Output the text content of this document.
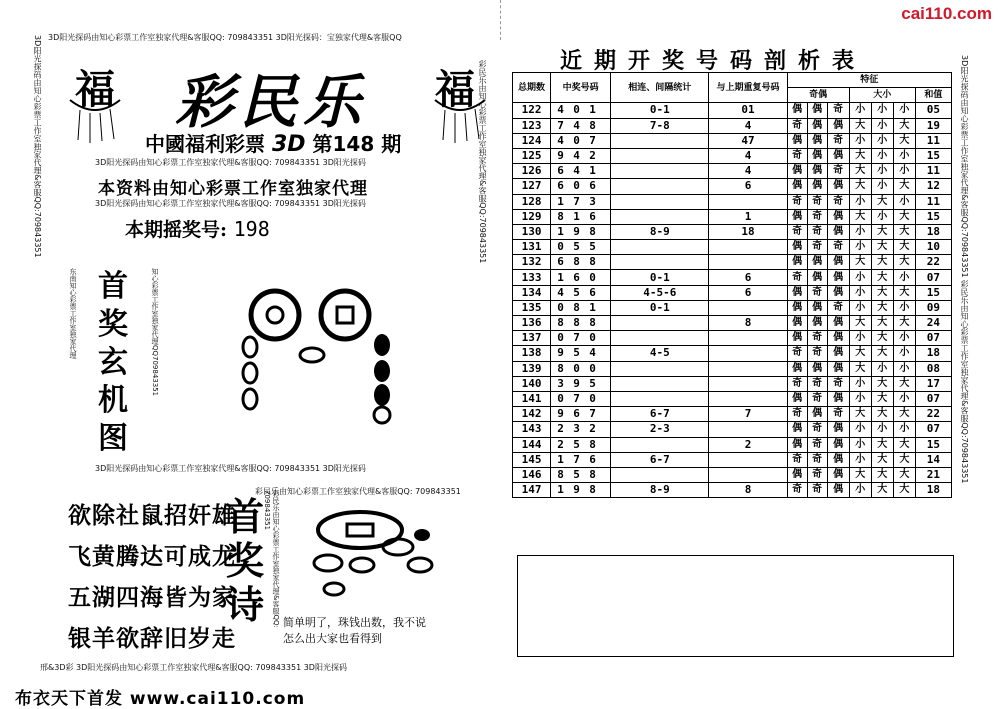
cai110.com
3D阳光探码由知心彩票工作室独家代理&客服QQ:709843351	彩民乐由知心彩票工作室独家代理&客服QQ:709843351
3D阳光探码由知心彩票工作室独家代理&客服QQ: 709843351 3D阳光探码：宝独家代理&客服QQ
福 彩民乐 福
中國福利彩票 3D 第148 期
3D阳光探码由知心彩票工作室独家代理&客服QQ: 709843351 3D阳光探码
本资料由知心彩票工作室独家代理
3D阳光探码由知心彩票工作室独家代理&客服QQ: 709843351 3D阳光探码
本期摇奖号: 198
东南知心彩票工作室独家代理 首
奖
玄
机
图
知心彩票工作室独家代理QQ709843351
3D阳光探码由知心彩票工作室独家代理&客服QQ: 709843351 3D阳光探码
欲除社鼠招奸雄
飞黄腾达可成龙
五湖四海皆为家
银羊欲辞旧岁走
首
奖
诗	彩民乐由知心彩票工作室独家代理&客服QQ: 709843351
彩民乐由知心彩票工作室独家代理&客服QQ: 709843351
简单明了，珠钱出数，我不说
怎么出大家也看得到
邢&3D彩 3D阳光探码由知心彩票工作室独家代理&客服QQ: 709843351 3D阳光探码
布衣天下首发 www.cai110.com
近期开奖号码剖析表
总期数	中奖号码	相连、间隔统计	与上期重复号码	特征						
				奇偶			大小			和值
122	4 0 1	0-1	01	偶	偶	奇	小	小	小	05
123	7 4 8	7-8	4	奇	偶	偶	大	小	大	19
124	4 0 7		47	偶	偶	奇	小	小	大	11
125	9 4 2		4	奇	偶	偶	大	小	小	15
126	6 4 1		4	偶	偶	奇	大	小	小	11
127	6 0 6		6	偶	偶	偶	大	小	大	12
128	1 7 3			奇	奇	奇	小	大	小	11
129	8 1 6		1	偶	奇	偶	大	小	大	15
130	1 9 8	8-9	18	奇	奇	偶	小	大	大	18
131	0 5 5			偶	奇	奇	小	大	大	10
132	6 8 8			偶	偶	偶	大	大	大	22
133	1 6 0	0-1	6	奇	偶	偶	小	大	小	07
134	4 5 6	4-5-6	6	偶	奇	偶	小	大	大	15
135	0 8 1	0-1		偶	偶	奇	小	大	小	09
136	8 8 8		8	偶	偶	偶	大	大	大	24
137	0 7 0			偶	奇	偶	小	大	小	07
138	9 5 4	4-5		奇	奇	偶	大	大	小	18
139	8 0 0			偶	偶	偶	大	小	小	08
140	3 9 5			奇	奇	奇	小	大	大	17
141	0 7 0			偶	奇	偶	小	大	小	07
142	9 6 7	6-7	7	奇	偶	奇	大	大	大	22
143	2 3 2	2-3		偶	奇	偶	小	小	小	07
144	2 5 8		2	偶	奇	偶	小	大	大	15
145	1 7 6	6-7		奇	奇	偶	小	大	大	14
146	8 5 8			偶	奇	偶	大	大	大	21
147	1 9 8	8-9	8	奇	奇	偶	小	大	大	18
3D阳光探码由知心彩票工作室独家代理&客服QQ:709843351 彩民乐由知心彩票工作室独家代理&客服QQ:709843351
